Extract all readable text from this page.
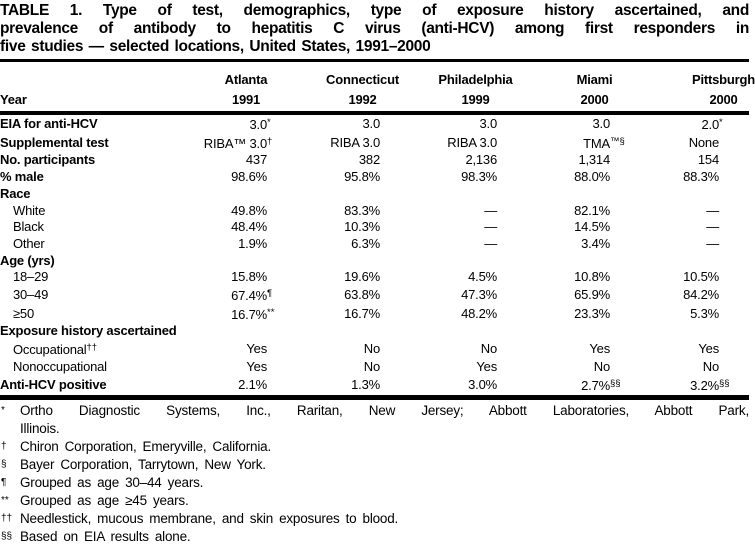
TABLE 1. Type of test, demographics, type of exposure history ascertained, and
prevalence of antibody to hepatitis C virus (anti-HCV) among first responders in
five studies — selected locations, United States, 1991–2000
	Atlanta	Connecticut	Philadelphia	Miami	Pittsburgh
Year	1991	1992	1999	2000	2000
EIA for anti-HCV	3.0*	3.0	3.0	3.0	2.0*
Supplemental test	RIBA™ 3.0†	RIBA 3.0	RIBA 3.0	TMA™§	None
No. participants	437	382	2,136	1,314	154
% male	98.6%	95.8%	98.3%	88.0%	88.3%
Race					
White	49.8%	83.3%	—	82.1%	—
Black	48.4%	10.3%	—	14.5%	—
Other	1.9%	6.3%	—	3.4%	—
Age (yrs)					
18–29	15.8%	19.6%	4.5%	10.8%	10.5%
30–49	67.4%¶	63.8%	47.3%	65.9%	84.2%
≥50	16.7%**	16.7%	48.2%	23.3%	5.3%
Exposure history ascertained					
Occupational††	Yes	No	No	Yes	Yes
Nonoccupational	Yes	No	Yes	No	No
Anti-HCV positive	2.1%	1.3%	3.0%	2.7%§§	3.2%§§
* Ortho Diagnostic Systems, Inc., Raritan, New Jersey; Abbott Laboratories, Abbott Park,
Illinois.
† Chiron Corporation, Emeryville, California.
§ Bayer Corporation, Tarrytown, New York.
¶ Grouped as age 30–44 years.
** Grouped as age ≥45 years.
†† Needlestick, mucous membrane, and skin exposures to blood.
§§ Based on EIA results alone.
